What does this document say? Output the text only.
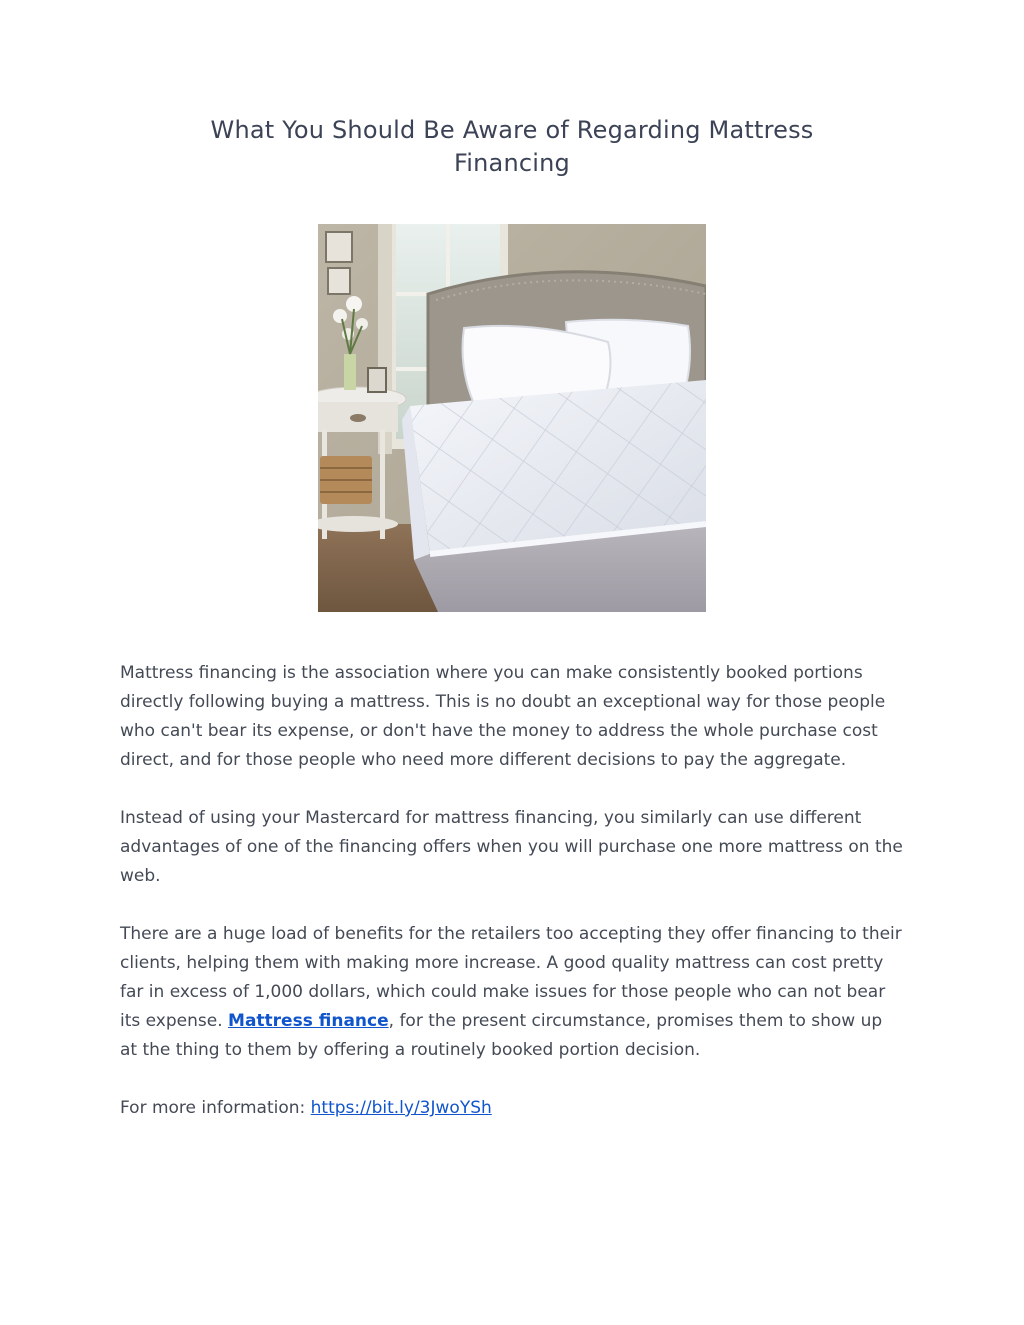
What You Should Be Aware of Regarding Mattress Financing

Mattress financing is the association where you can make consistently booked portions directly following buying a mattress. This is no doubt an exceptional way for those people who can't bear its expense, or don't have the money to address the whole purchase cost direct, and for those people who need more different decisions to pay the aggregate.

Instead of using your Mastercard for mattress financing, you similarly can use different advantages of one of the financing offers when you will purchase one more mattress on the web.

There are a huge load of benefits for the retailers too accepting they offer financing to their clients, helping them with making more increase. A good quality mattress can cost pretty far in excess of 1,000 dollars, which could make issues for those people who can not bear its expense. Mattress finance, for the present circumstance, promises them to show up at the thing to them by offering a routinely booked portion decision.

For more information: https://bit.ly/3JwoYSh
